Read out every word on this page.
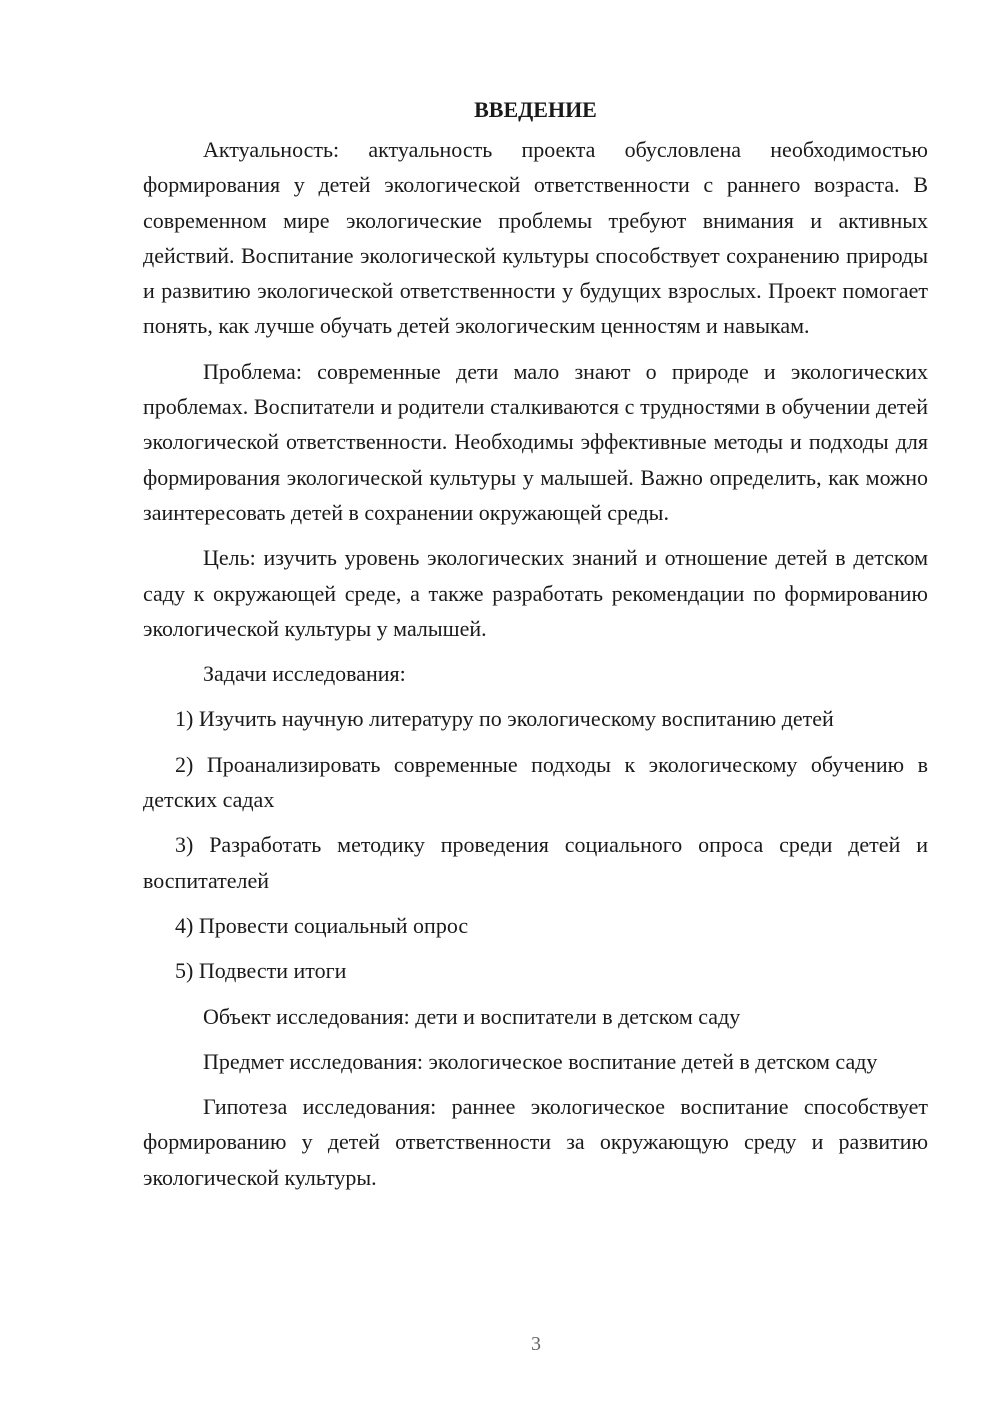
ВВЕДЕНИЕ

Актуальность: актуальность проекта обусловлена необходимостью формирования у детей экологической ответственности с раннего возраста. В современном мире экологические проблемы требуют внимания и активных действий. Воспитание экологической культуры способствует сохранению природы и развитию экологической ответственности у будущих взрослых. Проект помогает понять, как лучше обучать детей экологическим ценностям и навыкам.

Проблема: современные дети мало знают о природе и экологических проблемах. Воспитатели и родители сталкиваются с трудностями в обучении детей экологической ответственности. Необходимы эффективные методы и подходы для формирования экологической культуры у малышей. Важно определить, как можно заинтересовать детей в сохранении окружающей среды.

Цель: изучить уровень экологических знаний и отношение детей в детском саду к окружающей среде, а также разработать рекомендации по формированию экологической культуры у малышей.

Задачи исследования:

1) Изучить научную литературу по экологическому воспитанию детей

2) Проанализировать современные подходы к экологическому обучению в детских садах

3) Разработать методику проведения социального опроса среди детей и воспитателей

4) Провести социальный опрос

5) Подвести итоги

Объект исследования: дети и воспитатели в детском саду

Предмет исследования: экологическое воспитание детей в детском саду

Гипотеза исследования: раннее экологическое воспитание способствует формированию у детей ответственности за окружающую среду и развитию экологической культуры.

3
